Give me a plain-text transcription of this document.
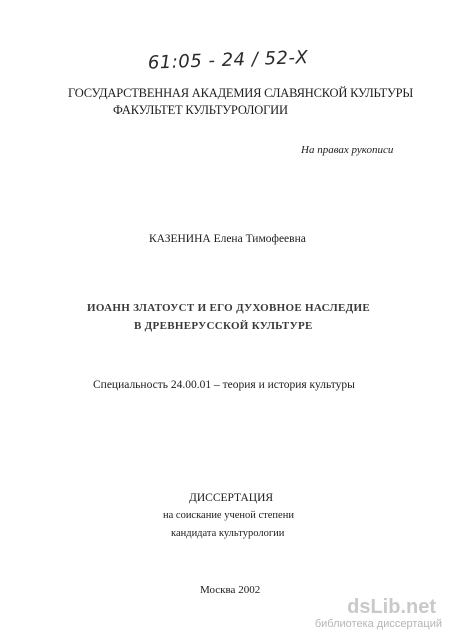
61:05 - 24 / 52-Х
ГОСУДАРСТВЕННАЯ АКАДЕМИЯ СЛАВЯНСКОЙ КУЛЬТУРЫ
ФАКУЛЬТЕТ КУЛЬТУРОЛОГИИ
На правах рукописи
КАЗЕНИНА Елена Тимофеевна
ИОАНН ЗЛАТОУСТ И ЕГО ДУХОВНОЕ НАСЛЕДИЕ
В ДРЕВНЕРУССКОЙ КУЛЬТУРЕ
Специальность 24.00.01 – теория и история культуры
ДИССЕРТАЦИЯ
на соискание ученой степени
кандидата культурологии
Москва 2002
dsLib.net
библиотека диссертаций
